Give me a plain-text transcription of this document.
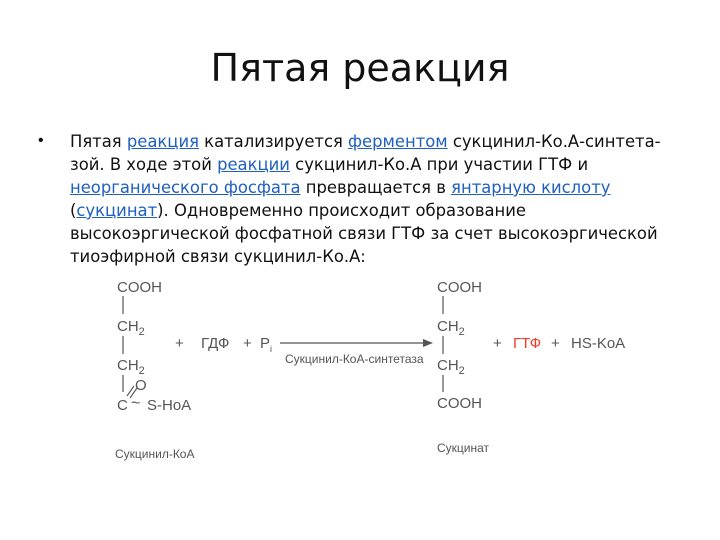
Пятая реакция
• Пятая реакция катализируется ферментом сукцинил-Ко.А-синтета-зой. В ходе этой реакции сукцинил-Ко.А при участии ГТФ и неорганического фосфата превращается в янтарную кислоту (сукцинат). Одновременно происходит образование высокоэргической фосфатной связи ГТФ за счет высокоэргической тиоэфирной связи сукцинил-Ко.А:
COOH
$CH_2$
$CH_2$
O
C ~ S-HoA
Сукцинил-КоА
+ ГДФ + $P_i$
Сукцинил-КоА-синтетаза
COOH
$CH_2$
$CH_2$
COOH
Сукцинат
+ ГТФ + HS-KoA
